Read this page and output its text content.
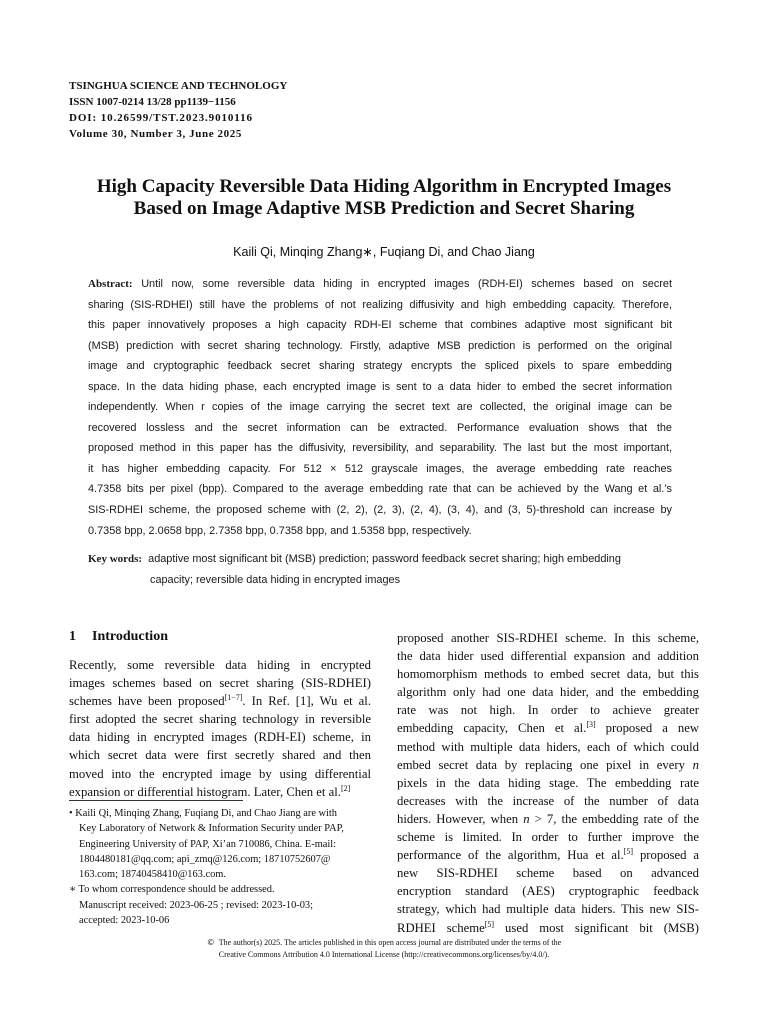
TSINGHUA SCIENCE AND TECHNOLOGY
ISSN 1007-0214 13/28 pp1139−1156
DOI: 10.26599/TST.2023.9010116
Volume 30, Number 3, June 2025
High Capacity Reversible Data Hiding Algorithm in Encrypted Images
Based on Image Adaptive MSB Prediction and Secret Sharing
Kaili Qi, Minqing Zhang∗, Fuqiang Di, and Chao Jiang
Abstract: Until now, some reversible data hiding in encrypted images (RDH-EI) schemes based on secret
sharing (SIS-RDHEI) still have the problems of not realizing diffusivity and high embedding capacity. Therefore,
this paper innovatively proposes a high capacity RDH-EI scheme that combines adaptive most significant bit
(MSB) prediction with secret sharing technology. Firstly, adaptive MSB prediction is performed on the original
image and cryptographic feedback secret sharing strategy encrypts the spliced pixels to spare embedding
space. In the data hiding phase, each encrypted image is sent to a data hider to embed the secret information
independently. When r copies of the image carrying the secret text are collected, the original image can be
recovered lossless and the secret information can be extracted. Performance evaluation shows that the
proposed method in this paper has the diffusivity, reversibility, and separability. The last but the most important,
it has higher embedding capacity. For 512 × 512 grayscale images, the average embedding rate reaches
4.7358 bits per pixel (bpp). Compared to the average embedding rate that can be achieved by the Wang et al.’s
SIS-RDHEI scheme, the proposed scheme with (2, 2), (2, 3), (2, 4), (3, 4), and (3, 5)-threshold can increase by
0.7358 bpp, 2.0658 bpp, 2.7358 bpp, 0.7358 bpp, and 1.5358 bpp, respectively.
Key words: adaptive most significant bit (MSB) prediction; password feedback secret sharing; high embedding
capacity; reversible data hiding in encrypted images
1 Introduction
Recently, some reversible data hiding in encrypted
images schemes based on secret sharing (SIS-RDHEI)
schemes have been proposed[1−7]. In Ref. [1], Wu et al.
first adopted the secret sharing technology in reversible
data hiding in encrypted images (RDH-EI) scheme, in
which secret data were first secretly shared and then
moved into the encrypted image by using differential
expansion or differential histogram. Later, Chen et al.[2]
• Kaili Qi, Minqing Zhang, Fuqiang Di, and Chao Jiang are with
Key Laboratory of Network & Information Security under PAP,
Engineering University of PAP, Xi’an 710086, China. E-mail:
1804480181@qq.com; api_zmq@126.com; 18710752607@
163.com; 18740458410@163.com.
∗ To whom correspondence should be addressed.
Manuscript received: 2023-06-25 ; revised: 2023-10-03;
accepted: 2023-10-06
proposed another SIS-RDHEI scheme. In this scheme,
the data hider used differential expansion and addition
homomorphism methods to embed secret data, but this
algorithm only had one data hider, and the embedding
rate was not high. In order to achieve greater
embedding capacity, Chen et al.[3] proposed a new
method with multiple data hiders, each of which could
embed secret data by replacing one pixel in every n
pixels in the data hiding stage. The embedding rate
decreases with the increase of the number of data
hiders. However, when n > 7, the embedding rate of the
scheme is limited. In order to further improve the
performance of the algorithm, Hua et al.[5] proposed a
new SIS-RDHEI scheme based on advanced
encryption standard (AES) cryptographic feedback
strategy, which had multiple data hiders. This new SIS-
RDHEI scheme[5] used most significant bit (MSB)
© The author(s) 2025. The articles published in this open access journal are distributed under the terms of the
Creative Commons Attribution 4.0 International License (http://creativecommons.org/licenses/by/4.0/).
